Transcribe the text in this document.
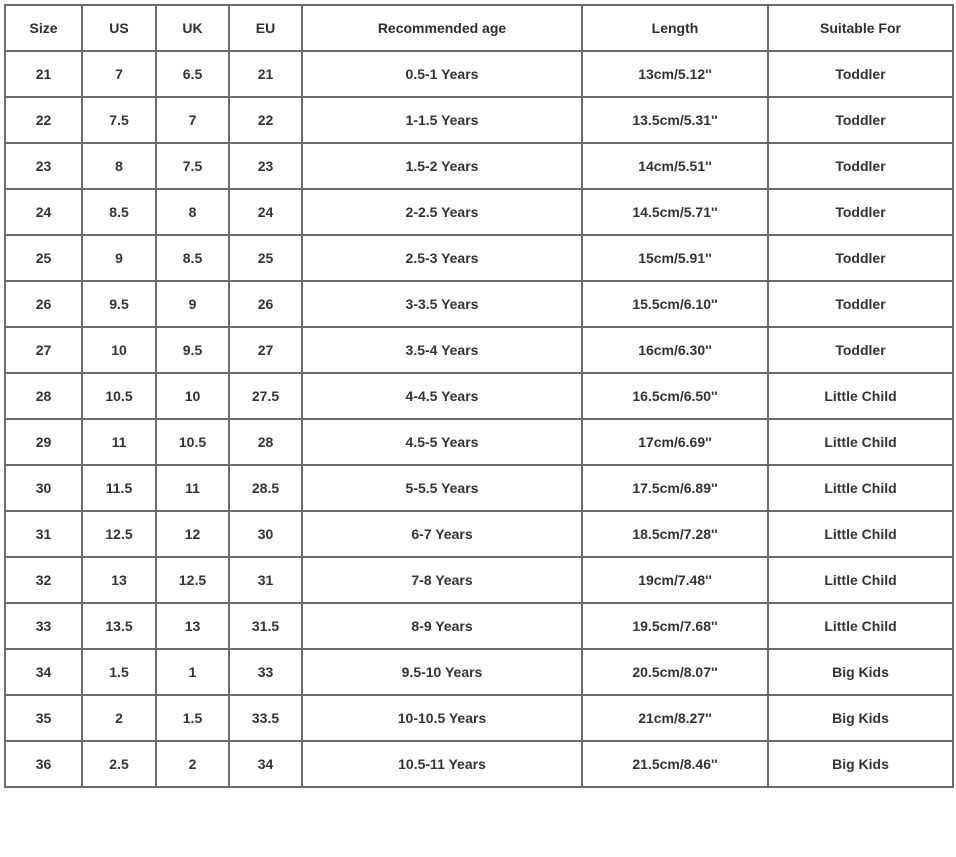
Size	US	UK	EU	Recommended age	Length	Suitable For
21	7	6.5	21	0.5-1 Years	13cm/5.12''	Toddler
22	7.5	7	22	1-1.5 Years	13.5cm/5.31''	Toddler
23	8	7.5	23	1.5-2 Years	14cm/5.51''	Toddler
24	8.5	8	24	2-2.5 Years	14.5cm/5.71''	Toddler
25	9	8.5	25	2.5-3 Years	15cm/5.91''	Toddler
26	9.5	9	26	3-3.5 Years	15.5cm/6.10''	Toddler
27	10	9.5	27	3.5-4 Years	16cm/6.30''	Toddler
28	10.5	10	27.5	4-4.5 Years	16.5cm/6.50''	Little Child
29	11	10.5	28	4.5-5 Years	17cm/6.69''	Little Child
30	11.5	11	28.5	5-5.5 Years	17.5cm/6.89''	Little Child
31	12.5	12	30	6-7 Years	18.5cm/7.28''	Little Child
32	13	12.5	31	7-8 Years	19cm/7.48''	Little Child
33	13.5	13	31.5	8-9 Years	19.5cm/7.68''	Little Child
34	1.5	1	33	9.5-10 Years	20.5cm/8.07''	Big Kids
35	2	1.5	33.5	10-10.5 Years	21cm/8.27''	Big Kids
36	2.5	2	34	10.5-11 Years	21.5cm/8.46''	Big Kids
